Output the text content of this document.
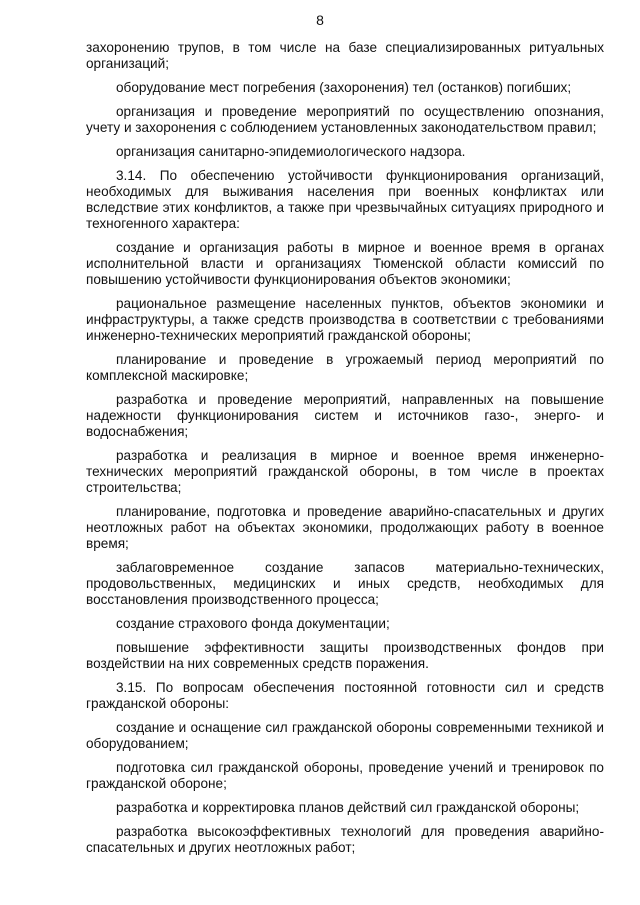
8

захоронению трупов, в том числе на базе специализированных ритуальных организаций;

оборудование мест погребения (захоронения) тел (останков) погибших;

организация и проведение мероприятий по осуществлению опознания, учету и захоронения с соблюдением установленных законодательством правил;

организация санитарно-эпидемиологического надзора.

3.14. По обеспечению устойчивости функционирования организаций, необходимых для выживания населения при военных конфликтах или вследствие этих конфликтов, а также при чрезвычайных ситуациях природного и техногенного характера:

создание и организация работы в мирное и военное время в органах исполнительной власти и организациях Тюменской области комиссий по повышению устойчивости функционирования объектов экономики;

рациональное размещение населенных пунктов, объектов экономики и инфраструктуры, а также средств производства в соответствии с требованиями инженерно-технических мероприятий гражданской обороны;

планирование и проведение в угрожаемый период мероприятий по комплексной маскировке;

разработка и проведение мероприятий, направленных на повышение надежности функционирования систем и источников газо-, энерго- и водоснабжения;

разработка и реализация в мирное и военное время инженерно-технических мероприятий гражданской обороны, в том числе в проектах строительства;

планирование, подготовка и проведение аварийно-спасательных и других неотложных работ на объектах экономики, продолжающих работу в военное время;

заблаговременное создание запасов материально-технических, продовольственных, медицинских и иных средств, необходимых для восстановления производственного процесса;

создание страхового фонда документации;

повышение эффективности защиты производственных фондов при воздействии на них современных средств поражения.

3.15. По вопросам обеспечения постоянной готовности сил и средств гражданской обороны:

создание и оснащение сил гражданской обороны современными техникой и оборудованием;

подготовка сил гражданской обороны, проведение учений и тренировок по гражданской обороне;

разработка и корректировка планов действий сил гражданской обороны;

разработка высокоэффективных технологий для проведения аварийно-спасательных и других неотложных работ;
